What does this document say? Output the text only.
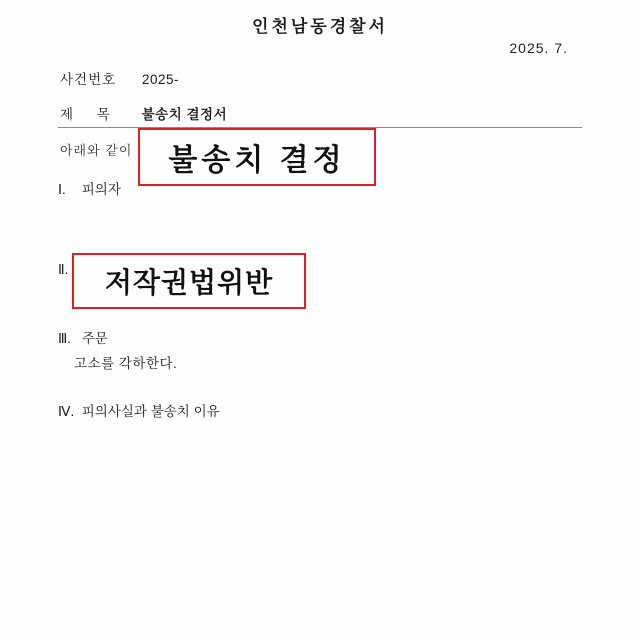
인천남동경찰서
2025. 7.
사건번호 2025-
제 목 불송치 결정서
아래와 같이	불송치 결정
Ⅰ. 피의자
Ⅱ.	저작권법위반
Ⅲ. 주문
고소를 각하한다.
Ⅳ. 피의사실과 불송치 이유
